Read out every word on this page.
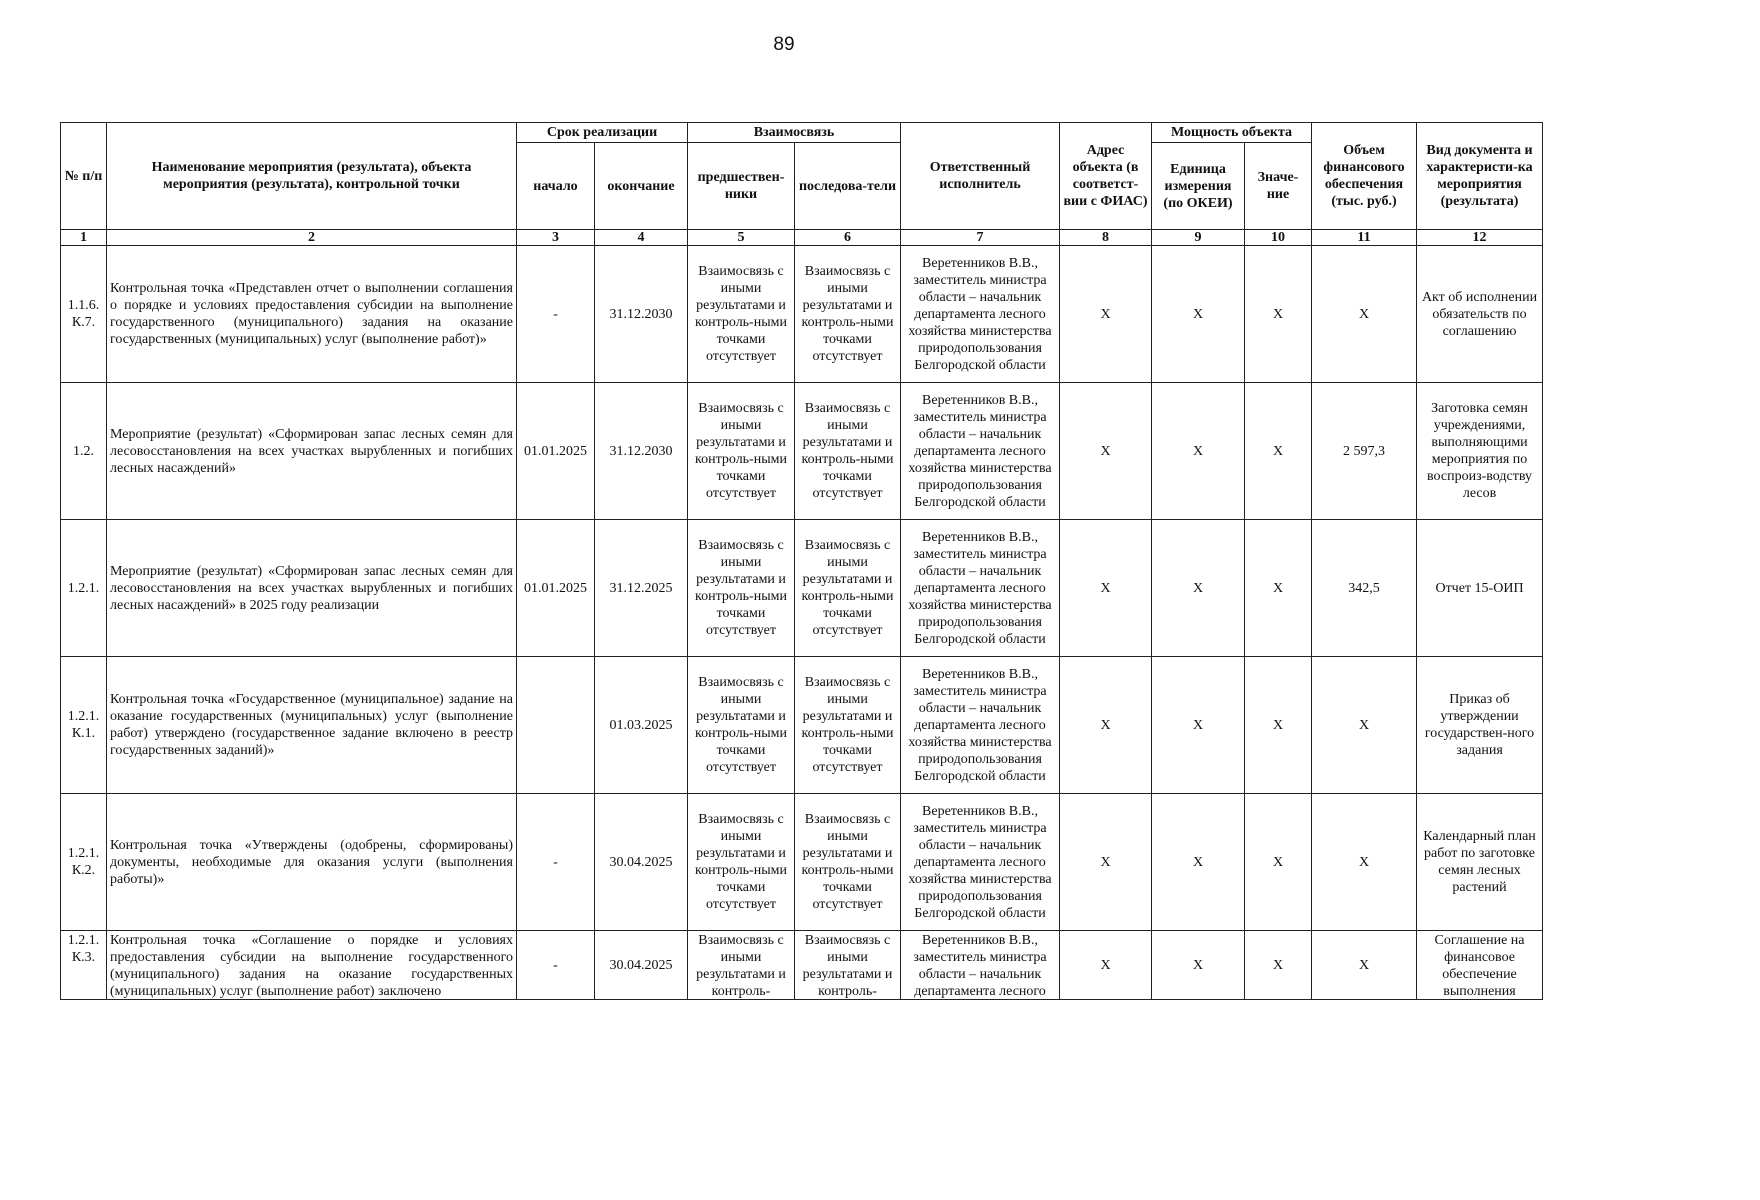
89
№ п/п	Наименование мероприятия (результата), объекта мероприятия (результата), контрольной точки	Срок реализации		Взаимосвязь		Ответственный исполнитель	Адрес объекта (в соответст-вии с ФИАС)	Мощность объекта		Объем финансового обеспечения (тыс. руб.)	Вид документа и характеристи-ка мероприятия (результата)
		начало	окончание	предшествен-ники	последова-тели			Единица измерения (по ОКЕИ)	Значе-ние		
1	2	3	4	5	6	7	8	9	10	11	12
1.1.6. К.7.	Контрольная точка «Представлен отчет о выполнении соглашения о порядке и условиях предоставления субсидии на выполнение государственного (муниципального) задания на оказание государственных (муниципальных) услуг (выполнение работ)»	-	31.12.2030	Взаимосвязь с иными результатами и контроль-ными точками отсутствует	Взаимосвязь с иными результатами и контроль-ными точками отсутствует	Веретенников В.В., заместитель министра области – начальник департамента лесного хозяйства министерства природопользования Белгородской области	X	X	X	X	Акт об исполнении обязательств по соглашению
1.2.	Мероприятие (результат) «Сформирован запас лесных семян для лесовосстановления на всех участках вырубленных и погибших лесных насаждений»	01.01.2025	31.12.2030	Взаимосвязь с иными результатами и контроль-ными точками отсутствует	Взаимосвязь с иными результатами и контроль-ными точками отсутствует	Веретенников В.В., заместитель министра области – начальник департамента лесного хозяйства министерства природопользования Белгородской области	X	X	X	2 597,3	Заготовка семян учреждениями, выполняющими мероприятия по воспроиз-водству лесов
1.2.1.	Мероприятие (результат) «Сформирован запас лесных семян для лесовосстановления на всех участках вырубленных и погибших лесных насаждений» в 2025 году реализации	01.01.2025	31.12.2025	Взаимосвязь с иными результатами и контроль-ными точками отсутствует	Взаимосвязь с иными результатами и контроль-ными точками отсутствует	Веретенников В.В., заместитель министра области – начальник департамента лесного хозяйства министерства природопользования Белгородской области	X	X	X	342,5	Отчет 15-ОИП
1.2.1. К.1.	Контрольная точка «Государственное (муниципальное) задание на оказание государственных (муниципальных) услуг (выполнение работ) утверждено (государственное задание включено в реестр государственных заданий)»		01.03.2025	Взаимосвязь с иными результатами и контроль-ными точками отсутствует	Взаимосвязь с иными результатами и контроль-ными точками отсутствует	Веретенников В.В., заместитель министра области – начальник департамента лесного хозяйства министерства природопользования Белгородской области	X	X	X	X	Приказ об утверждении государствен-ного задания
1.2.1. К.2.	Контрольная точка «Утверждены (одобрены, сформированы) документы, необходимые для оказания услуги (выполнения работы)»	-	30.04.2025	Взаимосвязь с иными результатами и контроль-ными точками отсутствует	Взаимосвязь с иными результатами и контроль-ными точками отсутствует	Веретенников В.В., заместитель министра области – начальник департамента лесного хозяйства министерства природопользования Белгородской области	X	X	X	X	Календарный план работ по заготовке семян лесных растений

1.2.1. К.3.	Контрольная точка «Соглашение о порядке и условиях предоставления субсидии на выполнение государственного (муниципального) задания на оказание государственных (муниципальных) услуг (выполнение работ) заключено	-	30.04.2025	Взаимосвязь с иными результатами и контроль-	Взаимосвязь с иными результатами и контроль-	Веретенников В.В., заместитель министра области – начальник департамента лесного	X	X	X	X	Соглашение на финансовое обеспечение выполнения
